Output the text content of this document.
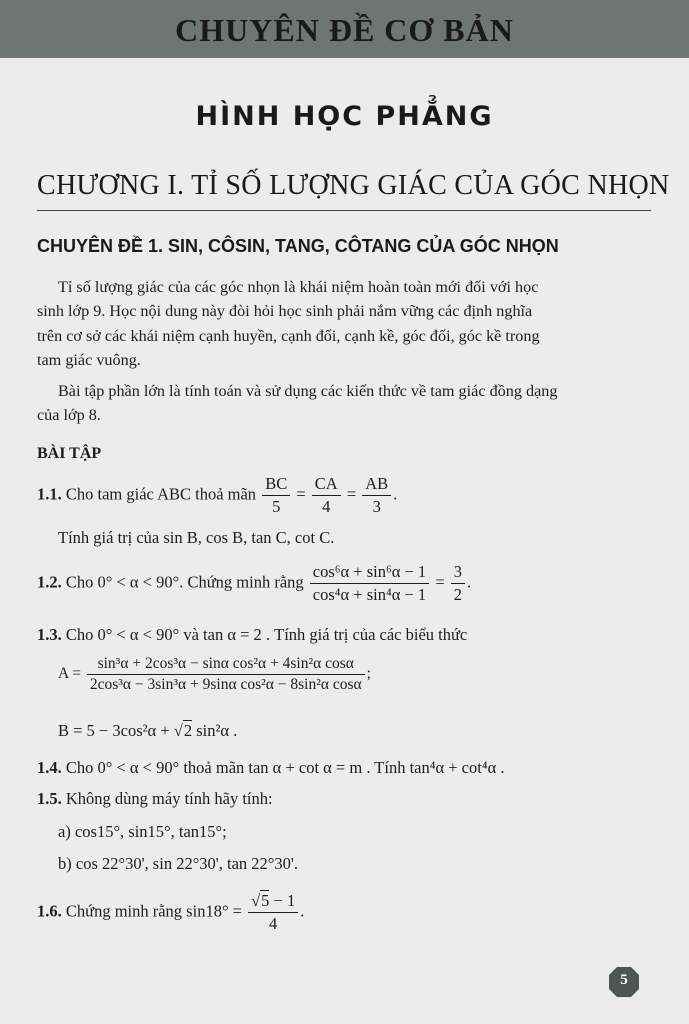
CHUYÊN ĐỀ CƠ BẢN
HÌNH HỌC PHẲNG
CHƯƠNG I. TỈ SỐ LƯỢNG GIÁC CỦA GÓC NHỌN
CHUYÊN ĐỀ 1. SIN, CÔSIN, TANG, CÔTANG CỦA GÓC NHỌN

Tỉ số lượng giác của các góc nhọn là khái niệm hoàn toàn mới đối với học

sinh lớp 9. Học nội dung này đòi hỏi học sinh phải nắm vững các định nghĩa
trên cơ sở các khái niệm cạnh huyền, cạnh đối, cạnh kề, góc đối, góc kề trong
tam giác vuông.
Bài tập phần lớn là tính toán và sử dụng các kiến thức về tam giác đồng dạng
của lớp 8.
BÀI TẬP
1.1. Cho tam giác ABC thoả mãn $\frac{BC}{5} = \frac{CA}{4} = \frac{AB}{3}$ .
Tính giá trị của sin B, cos B, tan C, cot C.
1.2. Cho 0° < α < 90°. Chứng minh rằng $\frac{\text{cos⁶α + sin⁶α − 1}}{\text{cos⁴α + sin⁴α − 1}} = \frac{3}{2}$ .
1.3. Cho 0° < α < 90° và tan α = 2 . Tính giá trị của các biểu thức
$A = \frac{\text{sin³α + 2cos³α − sinα cos²α + 4sin²α cosα}}{\text{2cos³α − 3sin³α + 9sinα cos²α − 8sin²α cosα}}$ ;
B = 5 − 3cos²α + √2 sin²α .
1.4. Cho 0° < α < 90° thoả mãn tan α + cot α = m . Tính tan⁴α + cot⁴α .
1.5. Không dùng máy tính hãy tính:
a) cos15°, sin15°, tan15°;
b) cos 22°30', sin 22°30', tan 22°30'.
1.6. Chứng minh rằng $\sin 18^\circ = \frac{√5 - 1}{4}$ .
5
